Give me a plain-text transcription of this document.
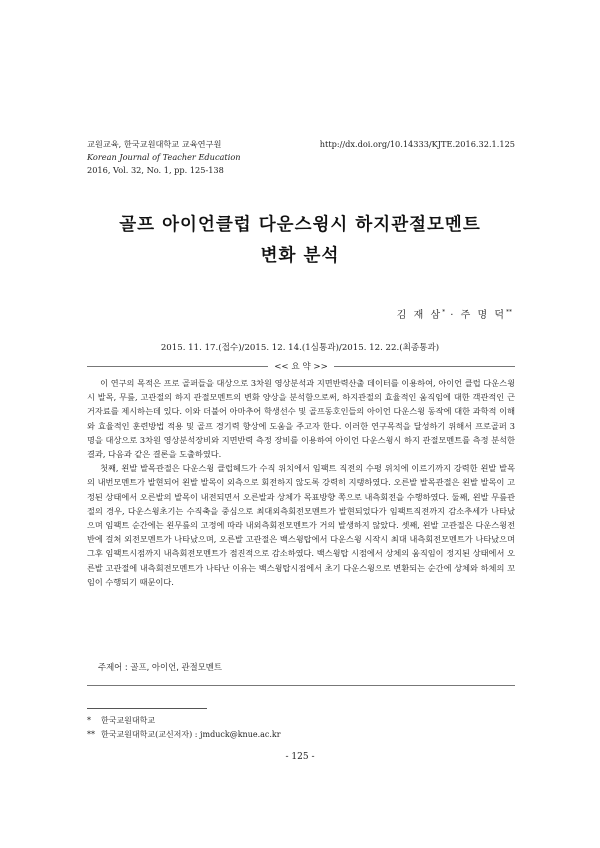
교원교육, 한국교원대학교 교육연구원	http://dx.doi.org/10.14333/KJTE.2016.32.1.125
Korean Journal of Teacher Education
2016, Vol. 32, No. 1, pp. 125-138
골프 아이언클럽 다운스윙시 하지관절모멘트
변화 분석
김 재 삼* · 주 명 덕**
2015. 11. 17.(접수)/2015. 12. 14.(1심통과)/2015. 12. 22.(최종통과)
<< 요 약 >>

이 연구의 목적은 프로 골퍼들을 대상으로 3차원 영상분석과 지면반력산출 데이터를 이용하여, 아이언 클럽 다운스윙시 발목, 무릎, 고관절의 하지 관절모멘트의 변화 양상을 분석함으로써, 하지관절의 효율적인 움직임에 대한 객관적인 근거자료를 제시하는데 있다. 이와 더불어 아마추어 학생선수 및 골프동호인들의 아이언 다운스윙 동작에 대한 과학적 이해와 효율적인 훈련방법 적용 및 골프 경기력 향상에 도움을 주고자 한다. 이러한 연구목적을 달성하기 위해서 프로골퍼 3명을 대상으로 3차원 영상분석장비와 지면반력 측정 장비를 이용하여 아이언 다운스윙시 하지 관절모멘트를 측정 분석한 결과, 다음과 같은 결론을 도출하였다.

첫째, 왼발 발목관절은 다운스윙 클럽헤드가 수직 위치에서 임팩트 직전의 수평 위치에 이르기까지 강력한 왼발 발목의 내번모멘트가 발현되어 왼발 발목이 외측으로 회전하지 않도록 강력히 지탱하였다. 오른발 발목관절은 왼발 발목이 고정된 상태에서 오른발의 발목이 내전되면서 오른발과 상체가 목표방향 쪽으로 내측회전을 수행하였다. 둘째, 왼발 무릎관절의 경우, 다운스윙초기는 수직축을 중심으로 최대외측회전모멘트가 발현되었다가 임팩트직전까지 감소추세가 나타났으며 임팩트 순간에는 왼무릎의 고정에 따라 내외측회전모멘트가 거의 발생하지 않았다. 셋째, 왼발 고관절은 다운스윙전반에 걸쳐 외전모멘트가 나타났으며, 오른발 고관절은 백스윙탑에서 다운스윙 시작시 최대 내측회전모멘트가 나타났으며 그후 임팩트시점까지 내측회전모멘트가 점진적으로 감소하였다. 백스윙탑 시점에서 상체의 움직임이 정지된 상태에서 오른발 고관절에 내측회전모멘트가 나타난 이유는 백스윙탑시점에서 초기 다운스윙으로 변환되는 순간에 상체와 하체의 꼬임이 수행되기 때문이다.

주제어 : 골프, 아이언, 관절모멘트
* 한국교원대학교
** 한국교원대학교(교신저자) : jmduck@knue.ac.kr
- 125 -
